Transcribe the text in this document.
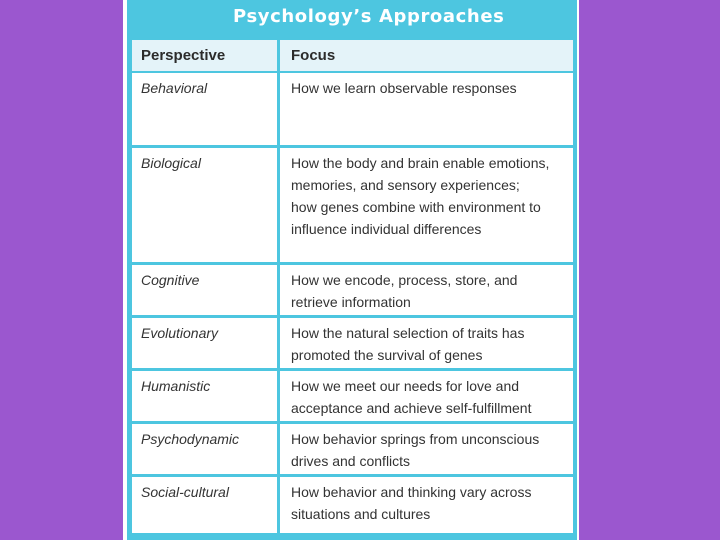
Psychology’s Approaches
Perspective	Focus
Behavioral	How we learn observable responses
Biological	How the body and brain enable emotions,
memories, and sensory experiences;
how genes combine with environment to
influence individual differences
Cognitive	How we encode, process, store, and
retrieve information
Evolutionary	How the natural selection of traits has
promoted the survival of genes
Humanistic	How we meet our needs for love and
acceptance and achieve self-fulfillment
Psychodynamic	How behavior springs from unconscious
drives and conflicts
Social-cultural	How behavior and thinking vary across
situations and cultures
